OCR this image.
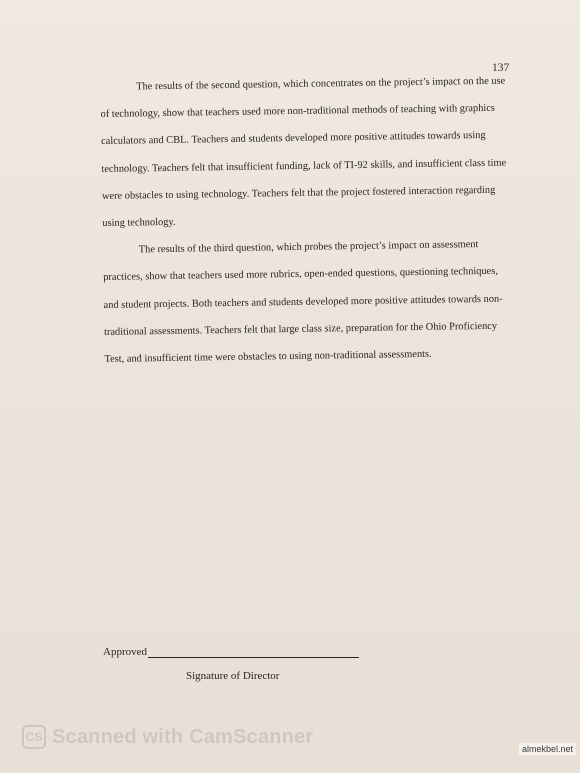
137

The results of the second question, which concentrates on the project’s impact on the use of technology, show that teachers used more non-traditional methods of teaching with graphics calculators and CBL. Teachers and students developed more positive attitudes towards using technology. Teachers felt that insufficient funding, lack of TI-92 skills, and insufficient class time were obstacles to using technology. Teachers felt that the project fostered interaction regarding using technology.

The results of the third question, which probes the project’s impact on assessment practices, show that teachers used more rubrics, open-ended questions, questioning techniques, and student projects. Both teachers and students developed more positive attitudes towards non-traditional assessments. Teachers felt that large class size, preparation for the Ohio Proficiency Test, and insufficient time were obstacles to using non-traditional assessments.

Approved
Signature of Director
CS Scanned with CamScanner
almekbel.net
